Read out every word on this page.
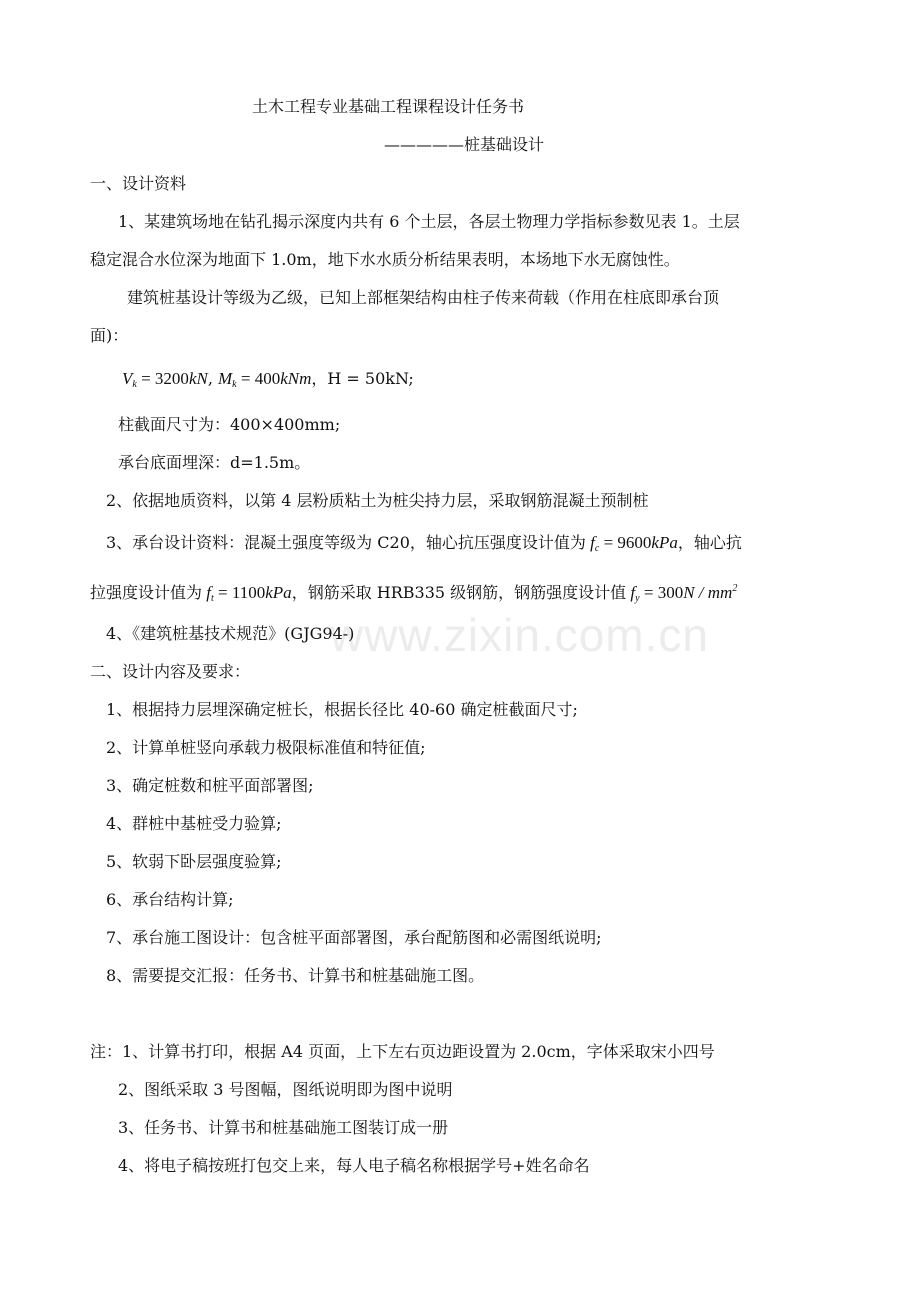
www.zixin.com.cn
土木工程专业基础工程课程设计任务书
—————桩基础设计
一、设计资料
1、某建筑场地在钻孔揭示深度内共有 6 个土层，各层土物理力学指标参数见表 1。土层
稳定混合水位深为地面下 1.0m，地下水水质分析结果表明，本场地下水无腐蚀性。
建筑桩基设计等级为乙级，已知上部框架结构由柱子传来荷载（作用在柱底即承台顶
面)：
$V_k = 3200kN$, $M_k = 400kNm$，H = 50kN;
柱截面尺寸为：400×400mm;
承台底面埋深：d=1.5m。
2、依据地质资料，以第 4 层粉质粘土为桩尖持力层，采取钢筋混凝土预制桩
3、承台设计资料：混凝土强度等级为 C20，轴心抗压强度设计值为 $f_c = 9600kPa$，轴心抗
拉强度设计值为 $f_t = 1100kPa$，钢筋采取 HRB335 级钢筋，钢筋强度设计值 $f_y = 300N / mm^2$
4、《建筑桩基技术规范》(GJG94-)
二、设计内容及要求：
1、根据持力层埋深确定桩长，根据长径比 40-60 确定桩截面尺寸;
2、计算单桩竖向承载力极限标准值和特征值;
3、确定桩数和桩平面部署图;
4、群桩中基桩受力验算;
5、软弱下卧层强度验算;
6、承台结构计算;
7、承台施工图设计：包含桩平面部署图，承台配筋图和必需图纸说明;
8、需要提交汇报：任务书、计算书和桩基础施工图。
注：1、计算书打印，根据 A4 页面，上下左右页边距设置为 2.0cm，字体采取宋小四号
2、图纸采取 3 号图幅，图纸说明即为图中说明
3、任务书、计算书和桩基础施工图装订成一册
4、将电子稿按班打包交上来，每人电子稿名称根据学号+姓名命名
